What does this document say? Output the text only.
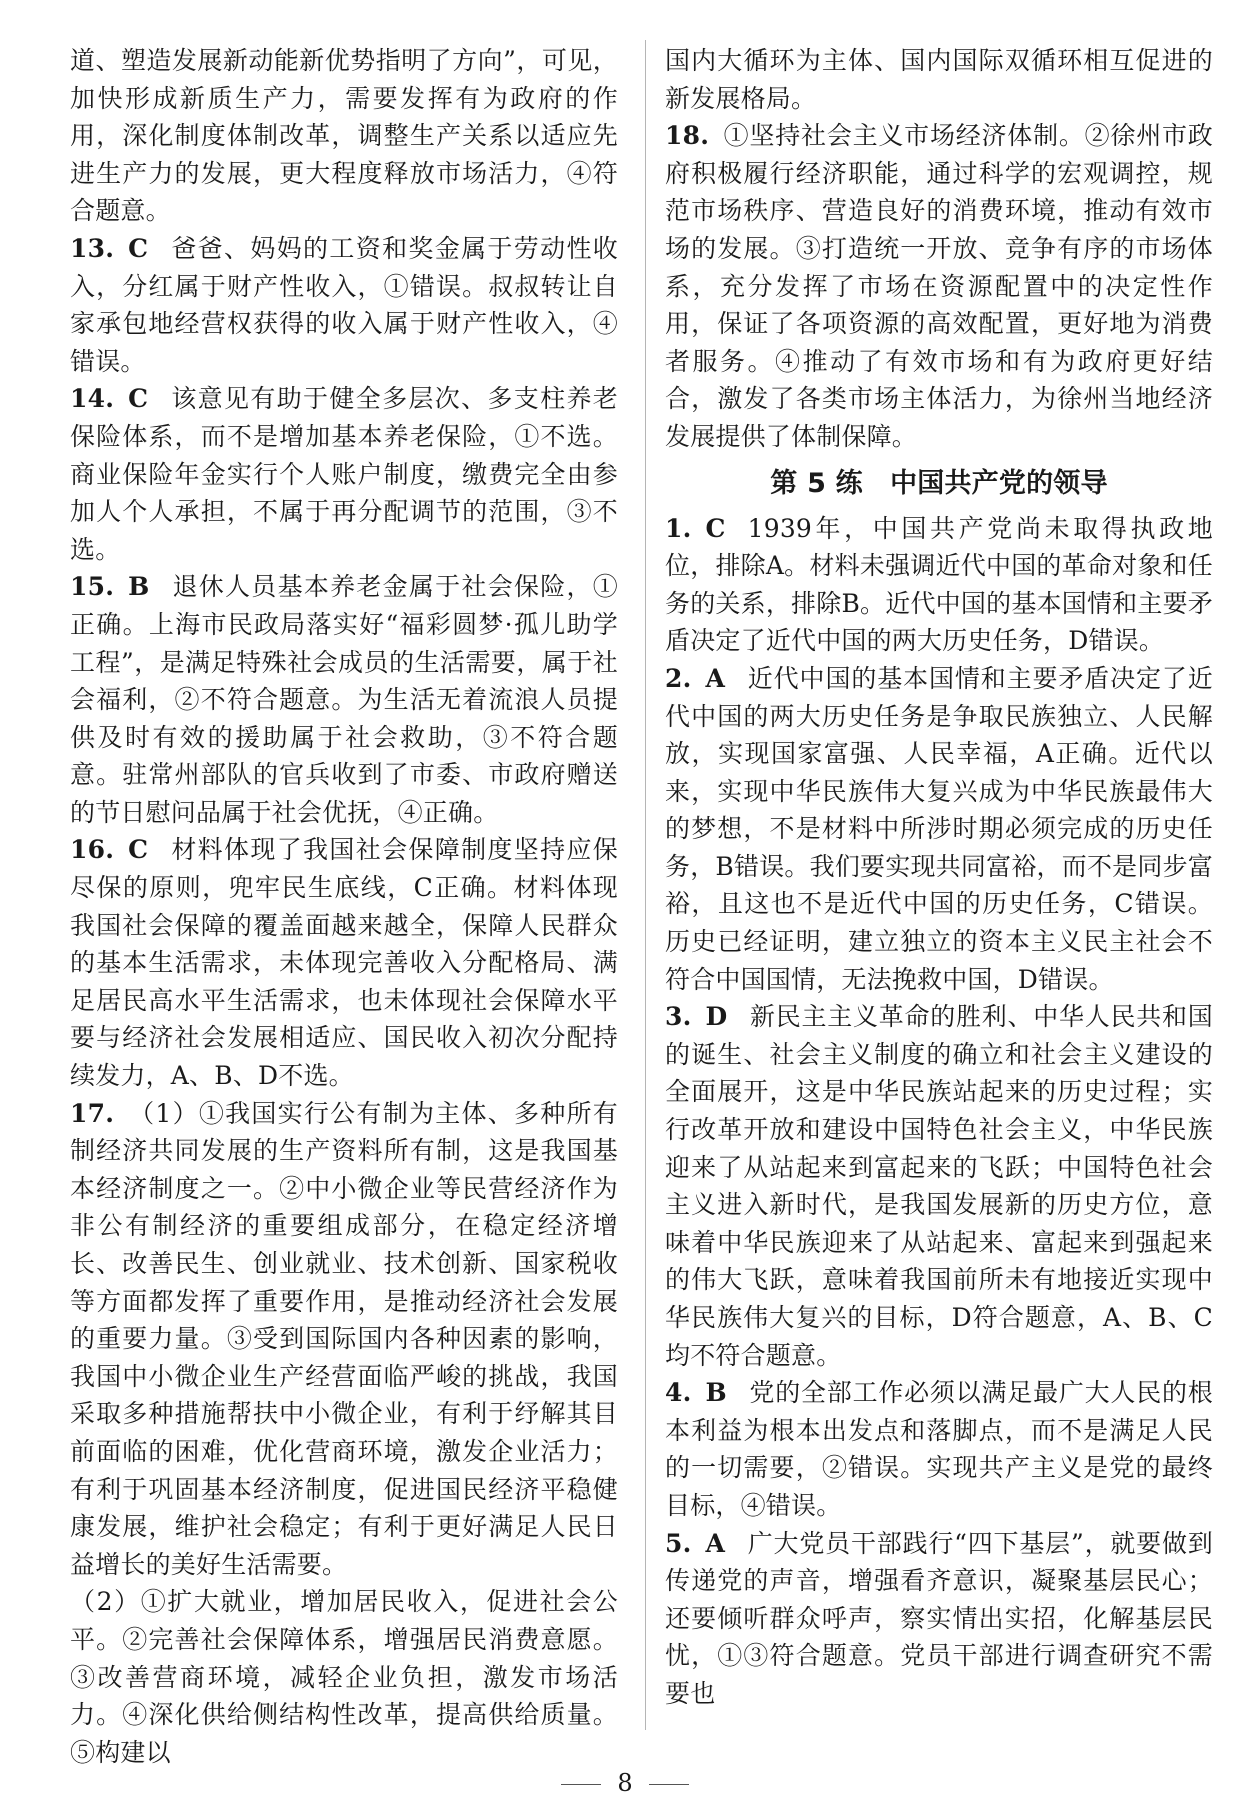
道、塑造发展新动能新优势指明了方向”，可见，加快形成新质生产力，需要发挥有为政府的作用，深化制度体制改革，调整生产关系以适应先进生产力的发展，更大程度释放市场活力，④符合题意。

13. C 爸爸、妈妈的工资和奖金属于劳动性收入，分红属于财产性收入，①错误。叔叔转让自家承包地经营权获得的收入属于财产性收入，④错误。

14. C 该意见有助于健全多层次、多支柱养老保险体系，而不是增加基本养老保险，①不选。商业保险年金实行个人账户制度，缴费完全由参加人个人承担，不属于再分配调节的范围，③不选。

15. B 退休人员基本养老金属于社会保险，①正确。上海市民政局落实好“福彩圆梦·孤儿助学工程”，是满足特殊社会成员的生活需要，属于社会福利，②不符合题意。为生活无着流浪人员提供及时有效的援助属于社会救助，③不符合题意。驻常州部队的官兵收到了市委、市政府赠送的节日慰问品属于社会优抚，④正确。

16. C 材料体现了我国社会保障制度坚持应保尽保的原则，兜牢民生底线，C正确。材料体现我国社会保障的覆盖面越来越全，保障人民群众的基本生活需求，未体现完善收入分配格局、满足居民高水平生活需求，也未体现社会保障水平要与经济社会发展相适应、国民收入初次分配持续发力，A、B、D不选。

17. （1）①我国实行公有制为主体、多种所有制经济共同发展的生产资料所有制，这是我国基本经济制度之一。②中小微企业等民营经济作为非公有制经济的重要组成部分，在稳定经济增长、改善民生、创业就业、技术创新、国家税收等方面都发挥了重要作用，是推动经济社会发展的重要力量。③受到国际国内各种因素的影响，我国中小微企业生产经营面临严峻的挑战，我国采取多种措施帮扶中小微企业，有利于纾解其目前面临的困难，优化营商环境，激发企业活力；有利于巩固基本经济制度，促进国民经济平稳健康发展，维护社会稳定；有利于更好满足人民日益增长的美好生活需要。

（2）①扩大就业，增加居民收入，促进社会公平。②完善社会保障体系，增强居民消费意愿。③改善营商环境，减轻企业负担，激发市场活力。④深化供给侧结构性改革，提高供给质量。⑤构建以

国内大循环为主体、国内国际双循环相互促进的新发展格局。

18. ①坚持社会主义市场经济体制。②徐州市政府积极履行经济职能，通过科学的宏观调控，规范市场秩序、营造良好的消费环境，推动有效市场的发展。③打造统一开放、竞争有序的市场体系，充分发挥了市场在资源配置中的决定性作用，保证了各项资源的高效配置，更好地为消费者服务。④推动了有效市场和有为政府更好结合，激发了各类市场主体活力，为徐州当地经济发展提供了体制保障。

第 5 练　中国共产党的领导

1. C 1939年，中国共产党尚未取得执政地位，排除A。材料未强调近代中国的革命对象和任务的关系，排除B。近代中国的基本国情和主要矛盾决定了近代中国的两大历史任务，D错误。

2. A 近代中国的基本国情和主要矛盾决定了近代中国的两大历史任务是争取民族独立、人民解放，实现国家富强、人民幸福，A正确。近代以来，实现中华民族伟大复兴成为中华民族最伟大的梦想，不是材料中所涉时期必须完成的历史任务，B错误。我们要实现共同富裕，而不是同步富裕，且这也不是近代中国的历史任务，C错误。历史已经证明，建立独立的资本主义民主社会不符合中国国情，无法挽救中国，D错误。

3. D 新民主主义革命的胜利、中华人民共和国的诞生、社会主义制度的确立和社会主义建设的全面展开，这是中华民族站起来的历史过程；实行改革开放和建设中国特色社会主义，中华民族迎来了从站起来到富起来的飞跃；中国特色社会主义进入新时代，是我国发展新的历史方位，意味着中华民族迎来了从站起来、富起来到强起来的伟大飞跃，意味着我国前所未有地接近实现中华民族伟大复兴的目标，D符合题意，A、B、C均不符合题意。

4. B 党的全部工作必须以满足最广大人民的根本利益为根本出发点和落脚点，而不是满足人民的一切需要，②错误。实现共产主义是党的最终目标，④错误。

5. A 广大党员干部践行“四下基层”，就要做到传递党的声音，增强看齐意识，凝聚基层民心；还要倾听群众呼声，察实情出实招，化解基层民忧，①③符合题意。党员干部进行调查研究不需要也

8
